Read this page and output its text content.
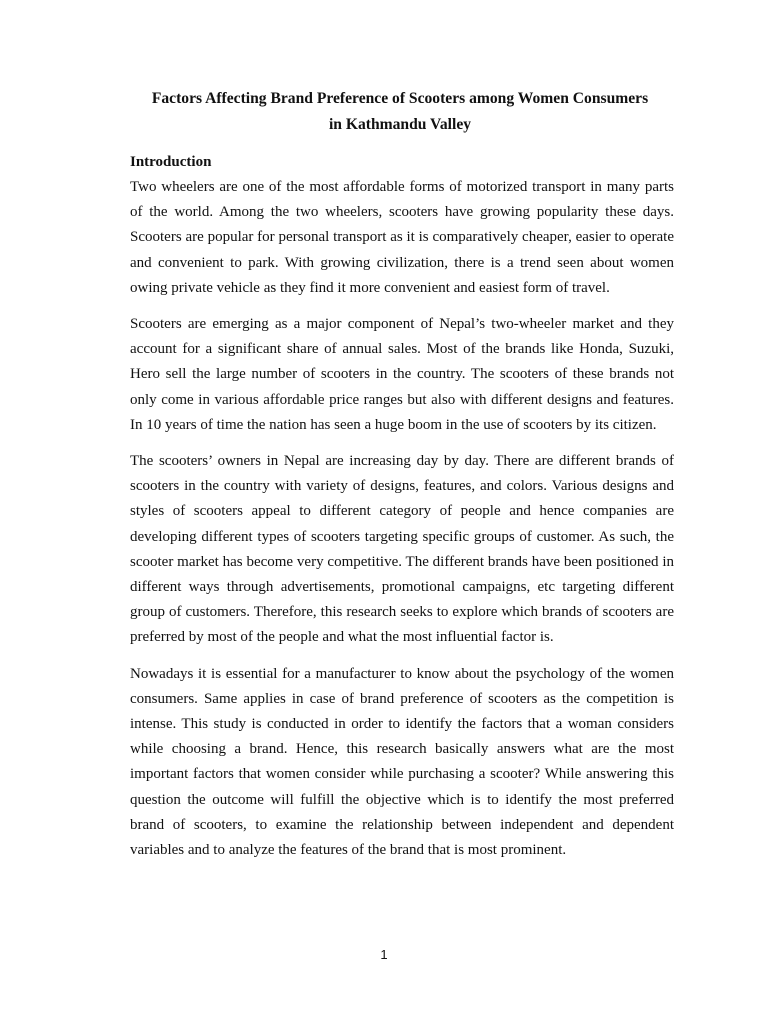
Factors Affecting Brand Preference of Scooters among Women Consumers
in Kathmandu Valley
Introduction

Two wheelers are one of the most affordable forms of motorized transport in many parts of the world. Among the two wheelers, scooters have growing popularity these days. Scooters are popular for personal transport as it is comparatively cheaper, easier to operate and convenient to park. With growing civilization, there is a trend seen about women owing private vehicle as they find it more convenient and easiest form of travel.

Scooters are emerging as a major component of Nepal’s two-wheeler market and they account for a significant share of annual sales. Most of the brands like Honda, Suzuki, Hero sell the large number of scooters in the country. The scooters of these brands not only come in various affordable price ranges but also with different designs and features. In 10 years of time the nation has seen a huge boom in the use of scooters by its citizen.

The scooters’ owners in Nepal are increasing day by day. There are different brands of scooters in the country with variety of designs, features, and colors. Various designs and styles of scooters appeal to different category of people and hence companies are developing different types of scooters targeting specific groups of customer. As such, the scooter market has become very competitive. The different brands have been positioned in different ways through advertisements, promotional campaigns, etc targeting different group of customers. Therefore, this research seeks to explore which brands of scooters are preferred by most of the people and what the most influential factor is.

Nowadays it is essential for a manufacturer to know about the psychology of the women consumers. Same applies in case of brand preference of scooters as the competition is intense. This study is conducted in order to identify the factors that a woman considers while choosing a brand. Hence, this research basically answers what are the most important factors that women consider while purchasing a scooter? While answering this question the outcome will fulfill the objective which is to identify the most preferred brand of scooters, to examine the relationship between independent and dependent variables and to analyze the features of the brand that is most prominent.

1
